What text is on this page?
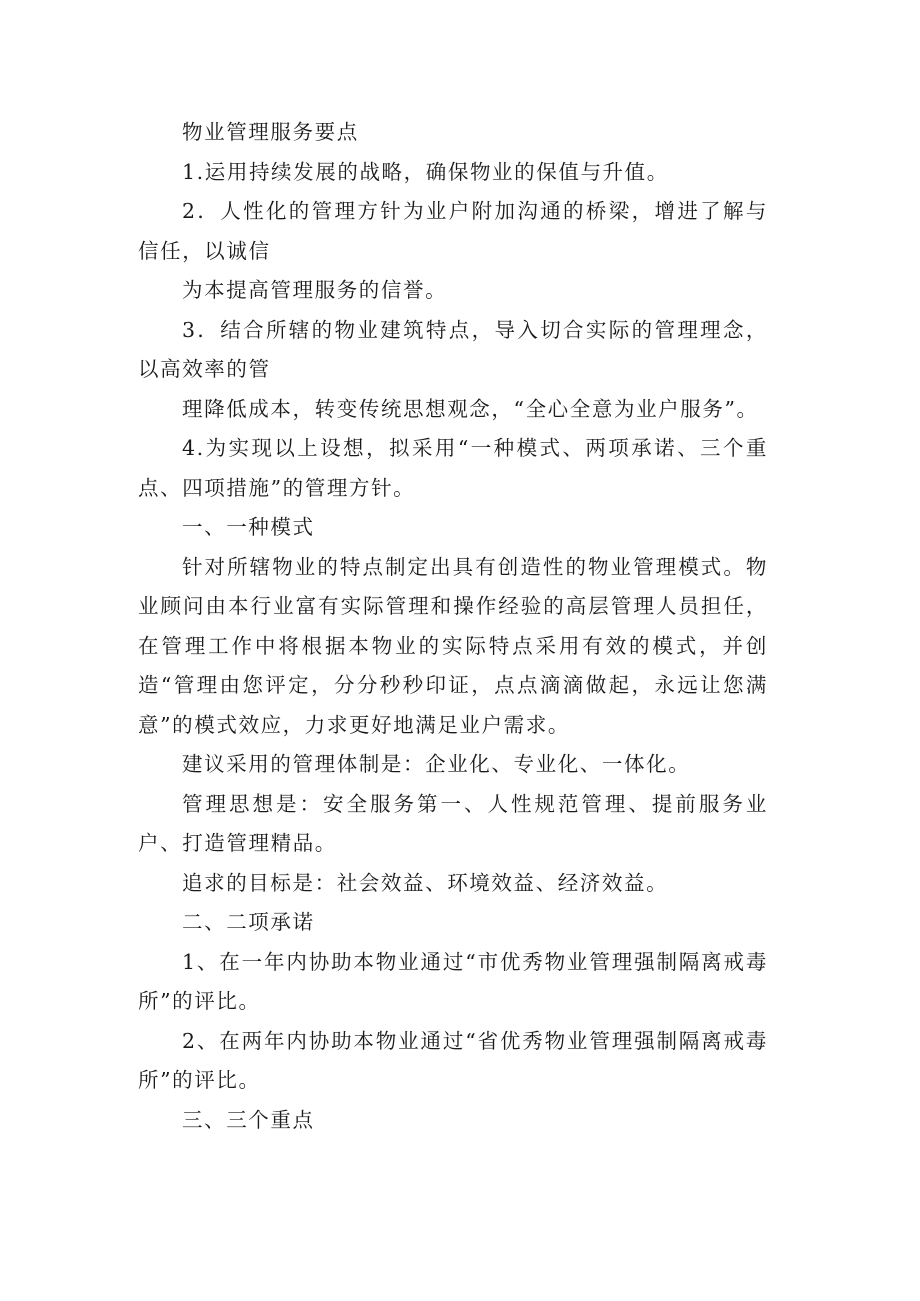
物业管理服务要点

1.运用持续发展的战略，确保物业的保值与升值。

2．人性化的管理方针为业户附加沟通的桥梁，增进了解与信任，以诚信

为本提高管理服务的信誉。

3．结合所辖的物业建筑特点，导入切合实际的管理理念，以高效率的管

理降低成本，转变传统思想观念，“全心全意为业户服务”。

4.为实现以上设想，拟采用“一种模式、两项承诺、三个重点、四项措施”的管理方针。

一、一种模式

针对所辖物业的特点制定出具有创造性的物业管理模式。物业顾问由本行业富有实际管理和操作经验的高层管理人员担任，在管理工作中将根据本物业的实际特点采用有效的模式，并创造“管理由您评定，分分秒秒印证，点点滴滴做起，永远让您满意”的模式效应，力求更好地满足业户需求。

建议采用的管理体制是：企业化、专业化、一体化。

管理思想是：安全服务第一、人性规范管理、提前服务业户、打造管理精品。

追求的目标是：社会效益、环境效益、经济效益。

二、二项承诺

1、在一年内协助本物业通过“市优秀物业管理强制隔离戒毒所”的评比。

2、在两年内协助本物业通过“省优秀物业管理强制隔离戒毒所”的评比。

三、三个重点
